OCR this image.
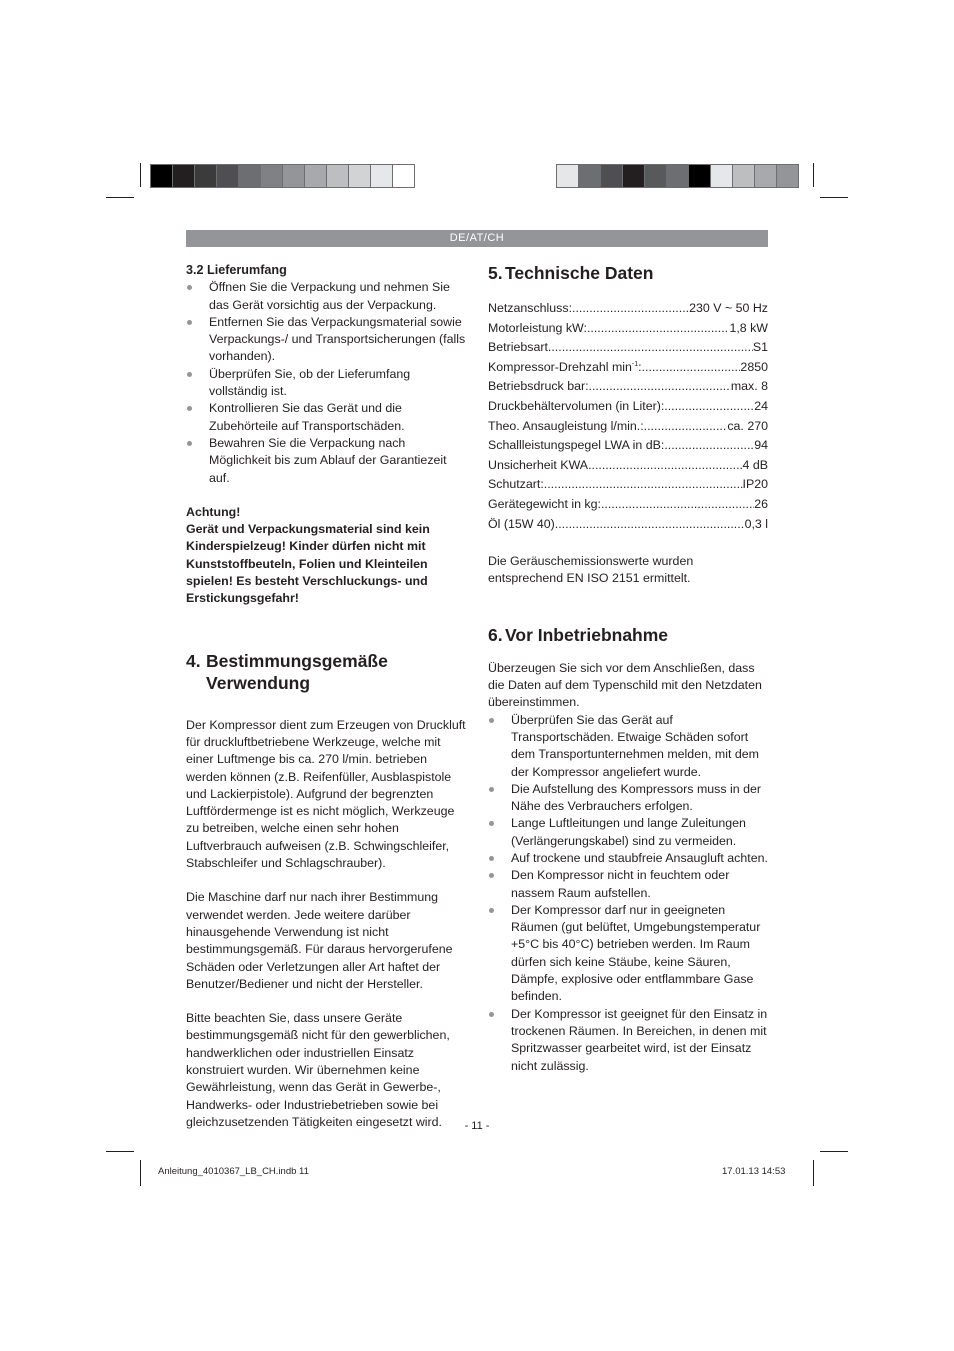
DE/AT/CH

3.2 Lieferumfang

Öffnen Sie die Verpackung und nehmen Sie das Gerät vorsichtig aus der Verpackung.
Entfernen Sie das Verpackungsmaterial sowie Verpackungs-/ und Transportsicherungen (falls vorhanden).
Überprüfen Sie, ob der Lieferumfang vollständig ist.
Kontrollieren Sie das Gerät und die Zubehörteile auf Transportschäden.
Bewahren Sie die Verpackung nach Möglichkeit bis zum Ablauf der Garantiezeit auf.
Achtung!
Gerät und Verpackungsmaterial sind kein Kinderspielzeug! Kinder dürfen nicht mit Kunststoffbeuteln, Folien und Kleinteilen spielen! Es besteht Verschluckungs- und Erstickungsgefahr!
4. Bestimmungsgemäße Verwendung

Der Kompressor dient zum Erzeugen von Druckluft für druckluftbetriebene Werkzeuge, welche mit einer Luftmenge bis ca. 270 l/min. betrieben werden können (z.B. Reifenfüller, Ausblaspistole und Lackierpistole). Aufgrund der begrenzten Luftfördermenge ist es nicht möglich, Werkzeuge zu betreiben, welche einen sehr hohen Luftverbrauch aufweisen (z.B. Schwingschleifer, Stabschleifer und Schlagschrauber).

Die Maschine darf nur nach ihrer Bestimmung verwendet werden. Jede weitere darüber hinausgehende Verwendung ist nicht bestimmungsgemäß. Für daraus hervorgerufene Schäden oder Verletzungen aller Art haftet der Benutzer/Bediener und nicht der Hersteller.

Bitte beachten Sie, dass unsere Geräte bestimmungsgemäß nicht für den gewerblichen, handwerklichen oder industriellen Einsatz konstruiert wurden. Wir übernehmen keine Gewährleistung, wenn das Gerät in Gewerbe-, Handwerks- oder Industriebetrieben sowie bei gleichzusetzenden Tätigkeiten eingesetzt wird.

5. Technische Daten
Netzanschluss: .....	230 V ~ 50 Hz
Motorleistung kW: .....	1,8 kW
Betriebsart .....	S1
Kompressor-Drehzahl $\min^{-1}$: .....	2850
Betriebsdruck bar: .....	max. 8
Druckbehältervolumen (in Liter): .....	24
Theo. Ansaugleistung l/min.: .....	ca. 270
Schallleistungspegel LWA in dB: .....	94
Unsicherheit KWA .....	4 dB
Schutzart: .....	IP20
Gerätegewicht in kg: .....	26
Öl (15W 40) .....	0,3 l

Die Geräuschemissionswerte wurden entsprechend EN ISO 2151 ermittelt.

6. Vor Inbetriebnahme

Überzeugen Sie sich vor dem Anschließen, dass die Daten auf dem Typenschild mit den Netzdaten übereinstimmen.

Überprüfen Sie das Gerät auf Transportschäden. Etwaige Schäden sofort dem Transportunternehmen melden, mit dem der Kompressor angeliefert wurde.
Die Aufstellung des Kompressors muss in der Nähe des Verbrauchers erfolgen.
Lange Luftleitungen und lange Zuleitungen (Verlängerungskabel) sind zu vermeiden.
Auf trockene und staubfreie Ansaugluft achten.
Den Kompressor nicht in feuchtem oder nassem Raum aufstellen.
Der Kompressor darf nur in geeigneten Räumen (gut belüftet, Umgebungstemperatur +5°C bis 40°C) betrieben werden. Im Raum dürfen sich keine Stäube, keine Säuren, Dämpfe, explosive oder entflammbare Gase befinden.
Der Kompressor ist geeignet für den Einsatz in trockenen Räumen. In Bereichen, in denen mit Spritzwasser gearbeitet wird, ist der Einsatz nicht zulässig.
- 11 -
Anleitung_4010367_LB_CH.indb 11	17.01.13 14:53
